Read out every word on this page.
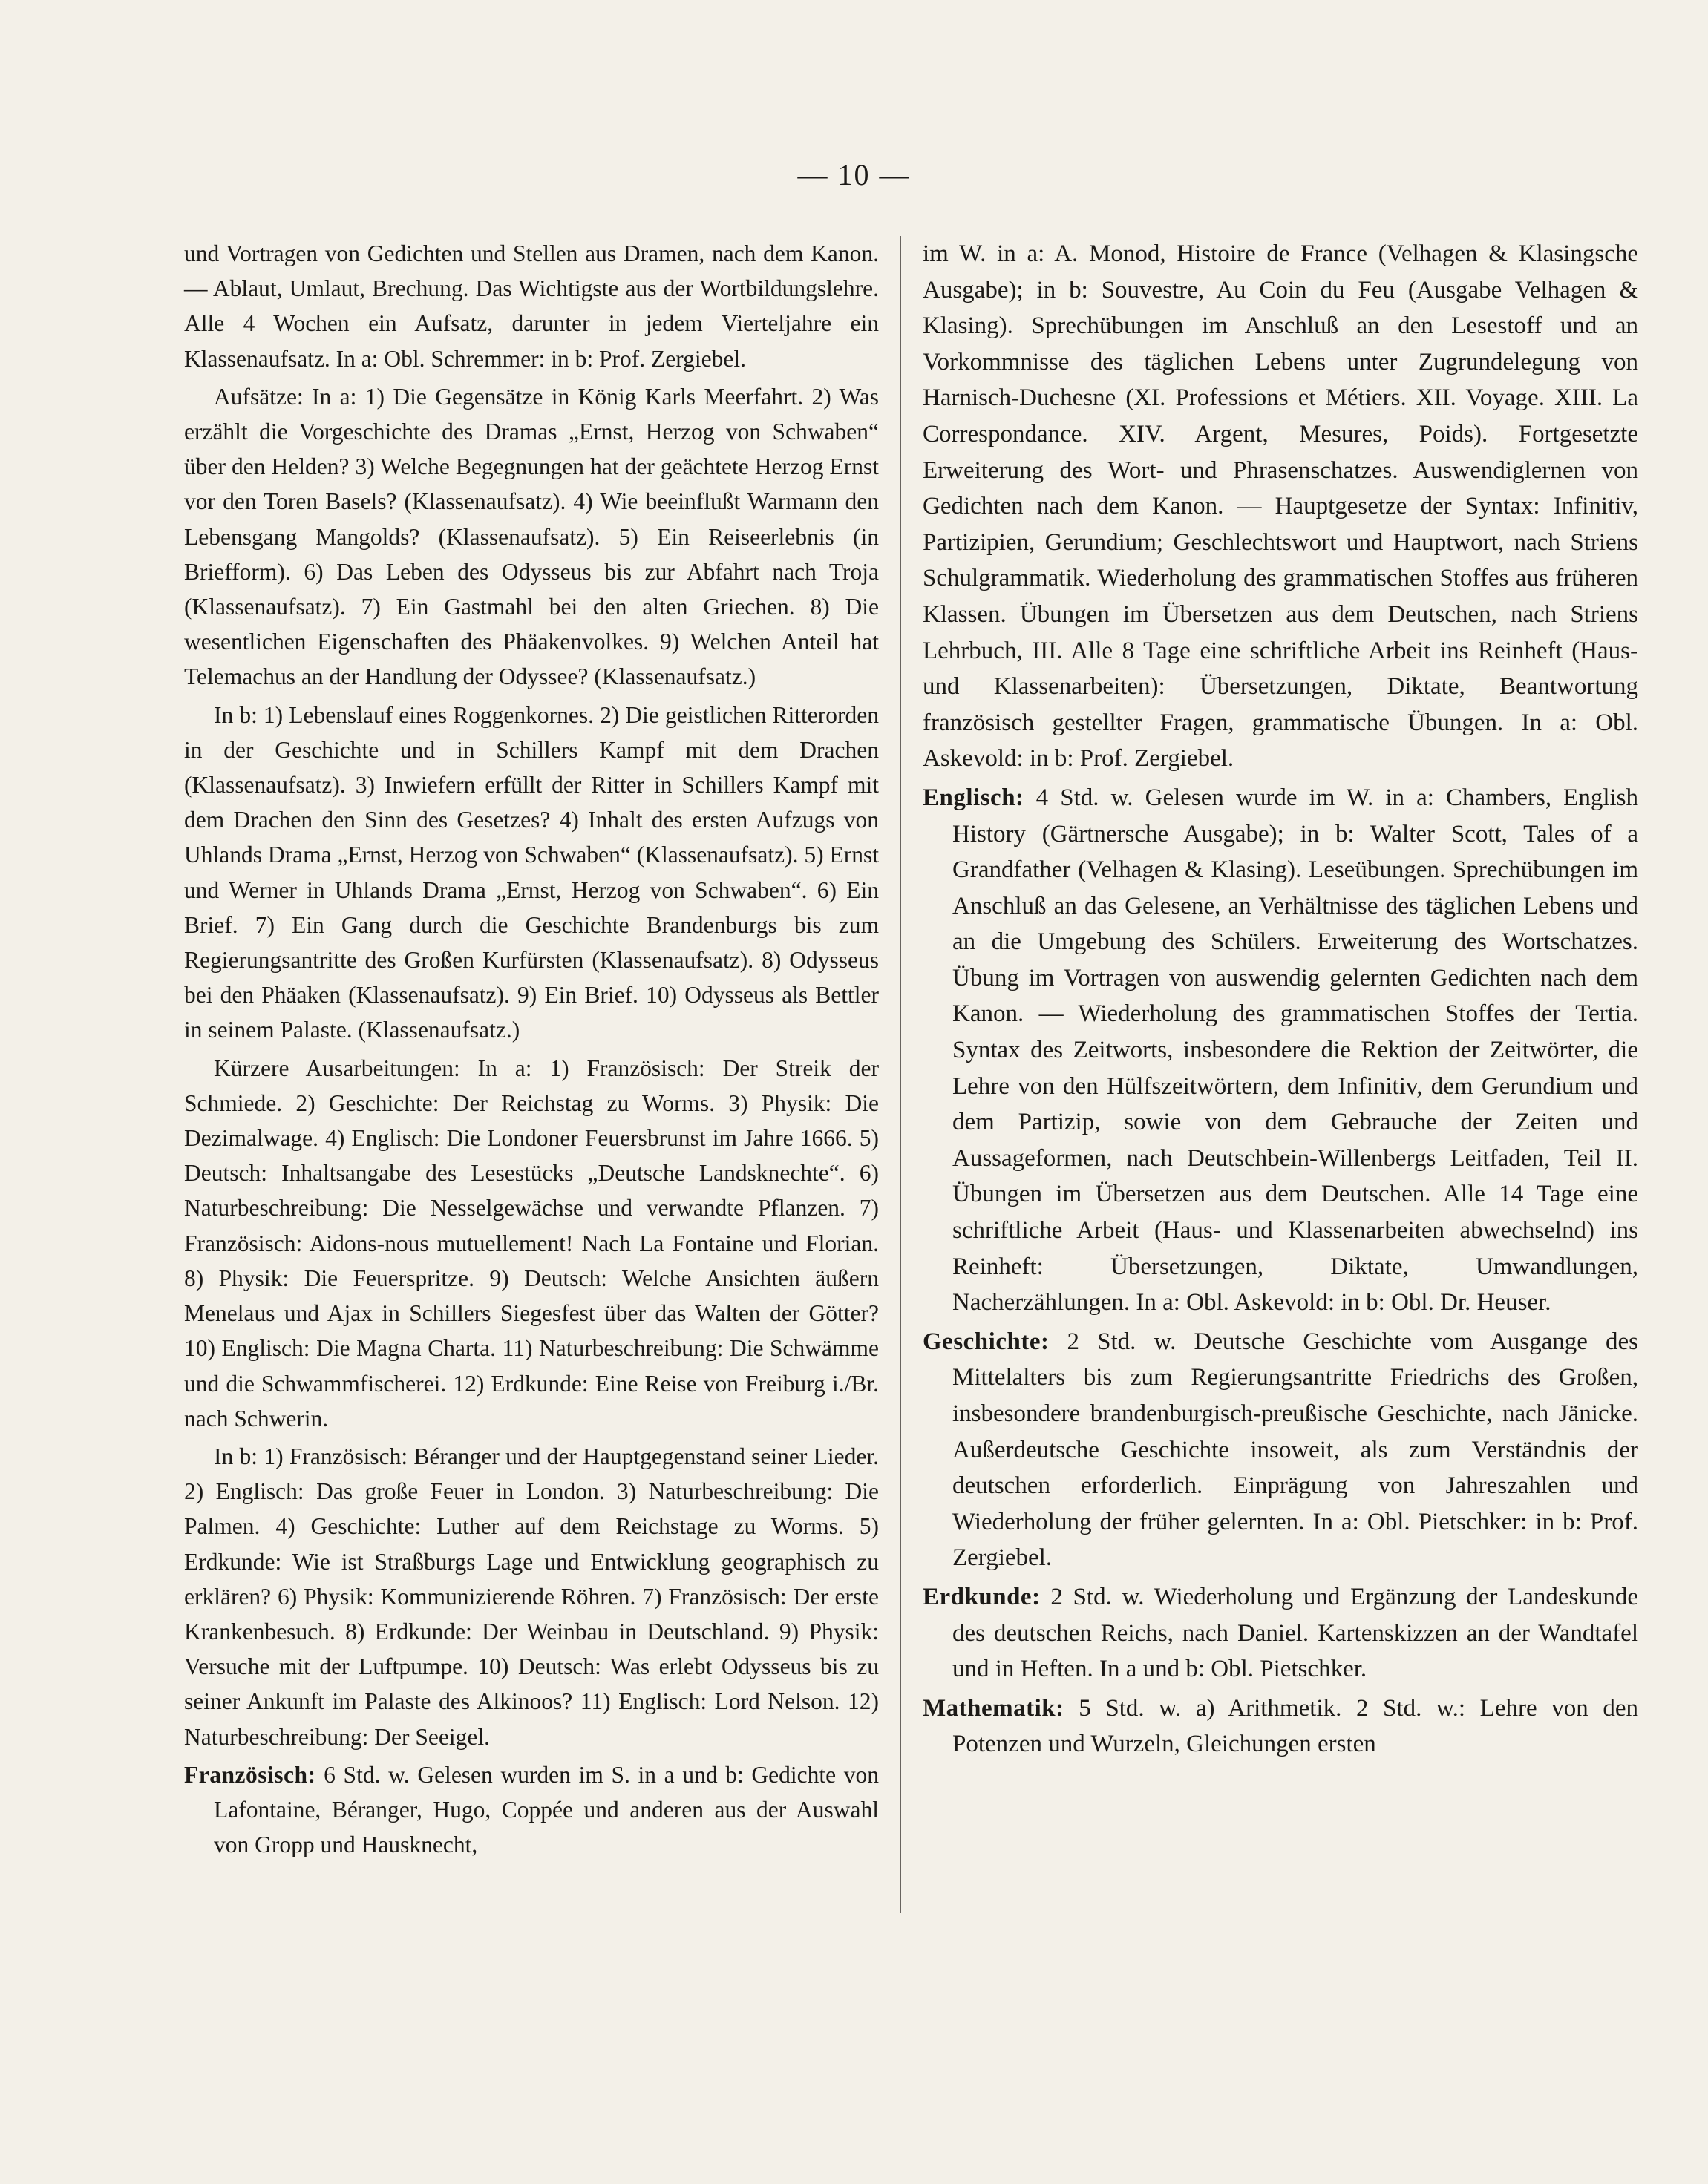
— 10 —

und Vortragen von Gedichten und Stellen aus Dramen, nach dem Kanon. — Ablaut, Umlaut, Brechung. Das Wichtigste aus der Wortbildungslehre. Alle 4 Wochen ein Aufsatz, darunter in jedem Vierteljahre ein Klassenaufsatz. In a: Obl. Schremmer: in b: Prof. Zergiebel.

Aufsätze: In a: 1) Die Gegensätze in König Karls Meerfahrt. 2) Was erzählt die Vorgeschichte des Dramas „Ernst, Herzog von Schwaben“ über den Helden? 3) Welche Begegnungen hat der geächtete Herzog Ernst vor den Toren Basels? (Klassenaufsatz). 4) Wie beeinflußt Warmann den Lebensgang Mangolds? (Klassenaufsatz). 5) Ein Reiseerlebnis (in Briefform). 6) Das Leben des Odysseus bis zur Abfahrt nach Troja (Klassenaufsatz). 7) Ein Gastmahl bei den alten Griechen. 8) Die wesentlichen Eigenschaften des Phäakenvolkes. 9) Welchen Anteil hat Telemachus an der Handlung der Odyssee? (Klassenaufsatz.)

In b: 1) Lebenslauf eines Roggenkornes. 2) Die geistlichen Ritterorden in der Geschichte und in Schillers Kampf mit dem Drachen (Klassenaufsatz). 3) Inwiefern erfüllt der Ritter in Schillers Kampf mit dem Drachen den Sinn des Gesetzes? 4) Inhalt des ersten Aufzugs von Uhlands Drama „Ernst, Herzog von Schwaben“ (Klassenaufsatz). 5) Ernst und Werner in Uhlands Drama „Ernst, Herzog von Schwaben“. 6) Ein Brief. 7) Ein Gang durch die Geschichte Brandenburgs bis zum Regierungsantritte des Großen Kurfürsten (Klassenaufsatz). 8) Odysseus bei den Phäaken (Klassenaufsatz). 9) Ein Brief. 10) Odysseus als Bettler in seinem Palaste. (Klassenaufsatz.)

Kürzere Ausarbeitungen: In a: 1) Französisch: Der Streik der Schmiede. 2) Geschichte: Der Reichstag zu Worms. 3) Physik: Die Dezimalwage. 4) Englisch: Die Londoner Feuersbrunst im Jahre 1666. 5) Deutsch: Inhaltsangabe des Lesestücks „Deutsche Landsknechte“. 6) Naturbeschreibung: Die Nesselgewächse und verwandte Pflanzen. 7) Französisch: Aidons-nous mutuellement! Nach La Fontaine und Florian. 8) Physik: Die Feuerspritze. 9) Deutsch: Welche Ansichten äußern Menelaus und Ajax in Schillers Siegesfest über das Walten der Götter? 10) Englisch: Die Magna Charta. 11) Naturbeschreibung: Die Schwämme und die Schwammfischerei. 12) Erdkunde: Eine Reise von Freiburg i./Br. nach Schwerin.

In b: 1) Französisch: Béranger und der Hauptgegenstand seiner Lieder. 2) Englisch: Das große Feuer in London. 3) Naturbeschreibung: Die Palmen. 4) Geschichte: Luther auf dem Reichstage zu Worms. 5) Erdkunde: Wie ist Straßburgs Lage und Entwicklung geographisch zu erklären? 6) Physik: Kommunizierende Röhren. 7) Französisch: Der erste Krankenbesuch. 8) Erdkunde: Der Weinbau in Deutschland. 9) Physik: Versuche mit der Luftpumpe. 10) Deutsch: Was erlebt Odysseus bis zu seiner Ankunft im Palaste des Alkinoos? 11) Englisch: Lord Nelson. 12) Naturbeschreibung: Der Seeigel.

Französisch: 6 Std. w. Gelesen wurden im S. in a und b: Gedichte von Lafontaine, Béranger, Hugo, Coppée und anderen aus der Auswahl von Gropp und Hausknecht,

im W. in a: A. Monod, Histoire de France (Velhagen & Klasingsche Ausgabe); in b: Souvestre, Au Coin du Feu (Ausgabe Velhagen & Klasing). Sprechübungen im Anschluß an den Lesestoff und an Vorkommnisse des täglichen Lebens unter Zugrundelegung von Harnisch-Duchesne (XI. Professions et Métiers. XII. Voyage. XIII. La Correspondance. XIV. Argent, Mesures, Poids). Fortgesetzte Erweiterung des Wort- und Phrasenschatzes. Auswendiglernen von Gedichten nach dem Kanon. — Hauptgesetze der Syntax: Infinitiv, Partizipien, Gerundium; Geschlechtswort und Hauptwort, nach Striens Schulgrammatik. Wiederholung des grammatischen Stoffes aus früheren Klassen. Übungen im Übersetzen aus dem Deutschen, nach Striens Lehrbuch, III. Alle 8 Tage eine schriftliche Arbeit ins Reinheft (Haus- und Klassenarbeiten): Übersetzungen, Diktate, Beantwortung französisch gestellter Fragen, grammatische Übungen. In a: Obl. Askevold: in b: Prof. Zergiebel.

Englisch: 4 Std. w. Gelesen wurde im W. in a: Chambers, English History (Gärtnersche Ausgabe); in b: Walter Scott, Tales of a Grandfather (Velhagen & Klasing). Leseübungen. Sprechübungen im Anschluß an das Gelesene, an Verhältnisse des täglichen Lebens und an die Umgebung des Schülers. Erweiterung des Wortschatzes. Übung im Vortragen von auswendig gelernten Gedichten nach dem Kanon. — Wiederholung des grammatischen Stoffes der Tertia. Syntax des Zeitworts, insbesondere die Rektion der Zeitwörter, die Lehre von den Hülfszeitwörtern, dem Infinitiv, dem Gerundium und dem Partizip, sowie von dem Gebrauche der Zeiten und Aussageformen, nach Deutschbein-Willenbergs Leitfaden, Teil II. Übungen im Übersetzen aus dem Deutschen. Alle 14 Tage eine schriftliche Arbeit (Haus- und Klassenarbeiten abwechselnd) ins Reinheft: Übersetzungen, Diktate, Umwandlungen, Nacherzählungen. In a: Obl. Askevold: in b: Obl. Dr. Heuser.

Geschichte: 2 Std. w. Deutsche Geschichte vom Ausgange des Mittelalters bis zum Regierungsantritte Friedrichs des Großen, insbesondere brandenburgisch-preußische Geschichte, nach Jänicke. Außerdeutsche Geschichte insoweit, als zum Verständnis der deutschen erforderlich. Einprägung von Jahreszahlen und Wiederholung der früher gelernten. In a: Obl. Pietschker: in b: Prof. Zergiebel.

Erdkunde: 2 Std. w. Wiederholung und Ergänzung der Landeskunde des deutschen Reichs, nach Daniel. Kartenskizzen an der Wandtafel und in Heften. In a und b: Obl. Pietschker.

Mathematik: 5 Std. w. a) Arithmetik. 2 Std. w.: Lehre von den Potenzen und Wurzeln, Gleichungen ersten
